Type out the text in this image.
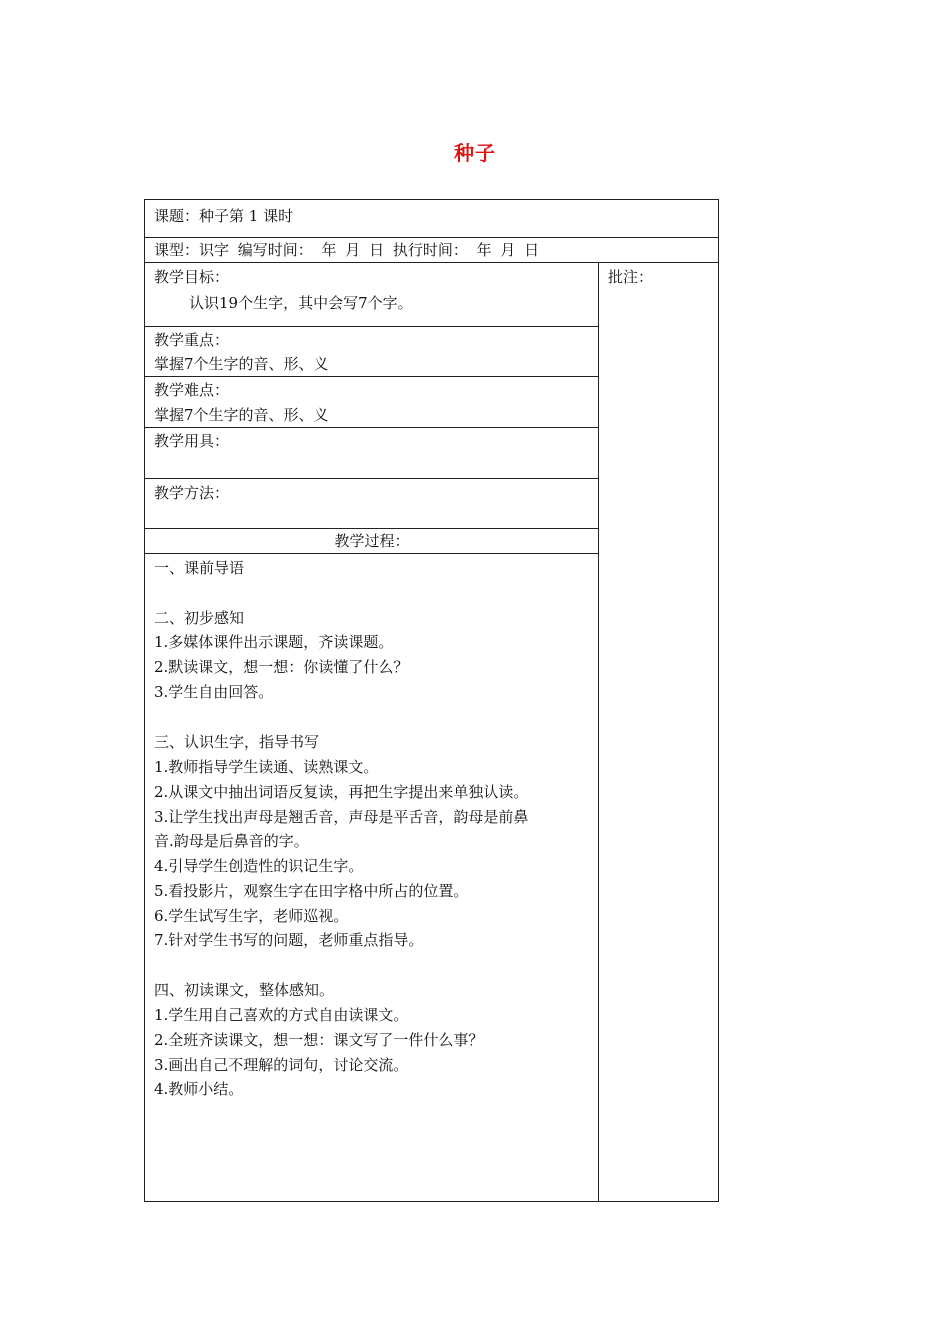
种子
课题：种子第 1 课时
课型：识字 编写时间： 年 月 日 执行时间： 年 月 日
批注：
教学目标：
认识19个生字，其中会写7个字。
教学重点：
掌握7个生字的音、形、义
教学难点：
掌握7个生字的音、形、义
教学用具：
教学方法：
教学过程：
一、课前导语
二、初步感知
1.多媒体课件出示课题，齐读课题。
2.默读课文，想一想：你读懂了什么？
3.学生自由回答。
三、认识生字，指导书写
1.教师指导学生读通、读熟课文。
2.从课文中抽出词语反复读，再把生字提出来单独认读。
3.让学生找出声母是翘舌音，声母是平舌音，韵母是前鼻
音.韵母是后鼻音的字。
4.引导学生创造性的识记生字。
5.看投影片，观察生字在田字格中所占的位置。
6.学生试写生字，老师巡视。
7.针对学生书写的问题，老师重点指导。
四、初读课文，整体感知。
1.学生用自己喜欢的方式自由读课文。
2.全班齐读课文，想一想：课文写了一件什么事？
3.画出自己不理解的词句，讨论交流。
4.教师小结。
